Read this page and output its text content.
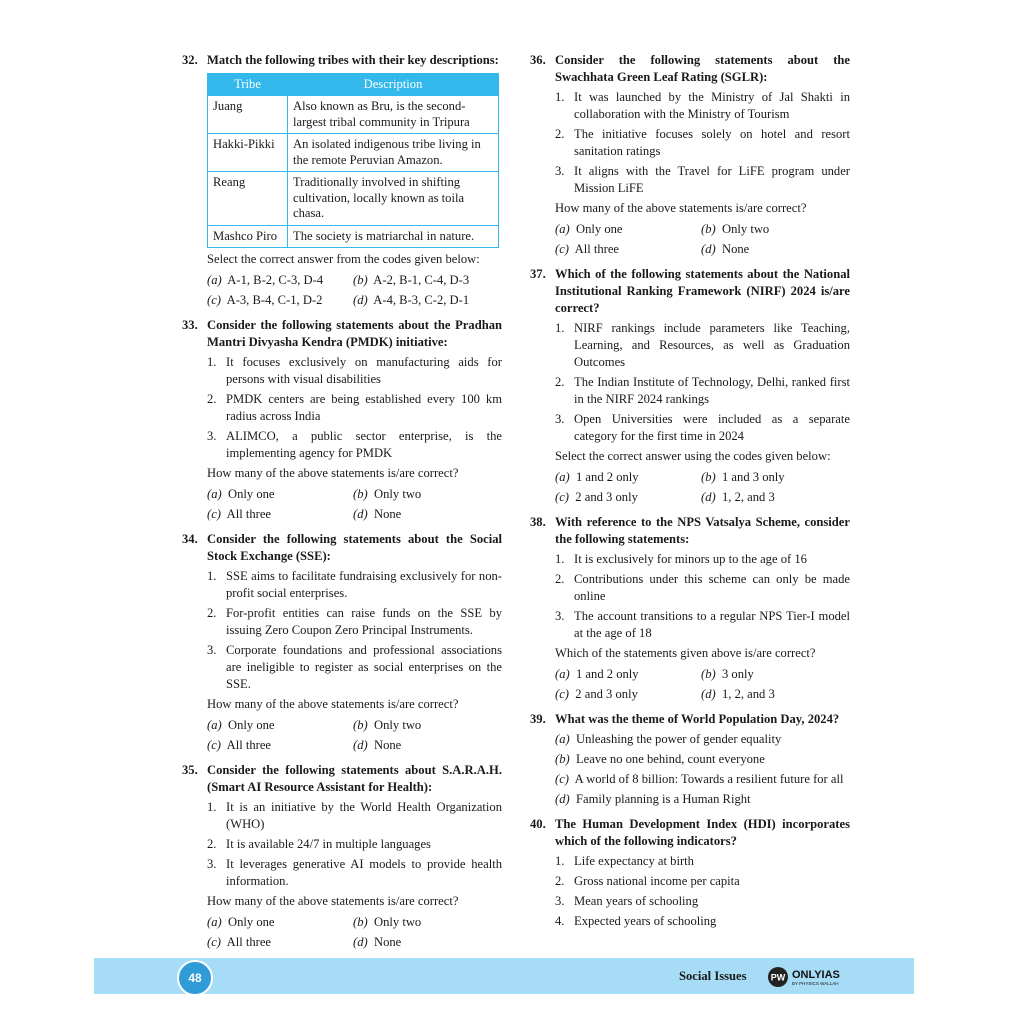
32. Match the following tribes with their key descriptions:
Tribe	Description
Juang	Also known as Bru, is the second-largest tribal community in Tripura
Hakki-Pikki	An isolated indigenous tribe living in the remote Peruvian Amazon.
Reang	Traditionally involved in shifting cultivation, locally known as toila chasa.
Mashco Piro	The society is matriarchal in nature.
Select the correct answer from the codes given below:
(a) A-1, B-2, C-3, D-4	(b) A-2, B-1, C-4, D-3
(c) A-3, B-4, C-1, D-2	(d) A-4, B-3, C-2, D-1
33. Consider the following statements about the Pradhan Mantri Divyasha Kendra (PMDK) initiative:
1. It focuses exclusively on manufacturing aids for persons with visual disabilities
2. PMDK centers are being established every 100 km radius across India
3. ALIMCO, a public sector enterprise, is the implementing agency for PMDK
How many of the above statements is/are correct?
(a) Only one	(b) Only two
(c) All three	(d) None
34. Consider the following statements about the Social Stock Exchange (SSE):
1. SSE aims to facilitate fundraising exclusively for non-profit social enterprises.
2. For-profit entities can raise funds on the SSE by issuing Zero Coupon Zero Principal Instruments.
3. Corporate foundations and professional associations are ineligible to register as social enterprises on the SSE.
How many of the above statements is/are correct?
(a) Only one	(b) Only two
(c) All three	(d) None
35. Consider the following statements about S.A.R.A.H. (Smart AI Resource Assistant for Health):
1. It is an initiative by the World Health Organization (WHO)
2. It is available 24/7 in multiple languages
3. It leverages generative AI models to provide health information.
How many of the above statements is/are correct?
(a) Only one	(b) Only two
(c) All three	(d) None
36. Consider the following statements about the Swachhata Green Leaf Rating (SGLR):
1. It was launched by the Ministry of Jal Shakti in collaboration with the Ministry of Tourism
2. The initiative focuses solely on hotel and resort sanitation ratings
3. It aligns with the Travel for LiFE program under Mission LiFE
How many of the above statements is/are correct?
(a) Only one	(b) Only two
(c) All three	(d) None
37. Which of the following statements about the National Institutional Ranking Framework (NIRF) 2024 is/are correct?
1. NIRF rankings include parameters like Teaching, Learning, and Resources, as well as Graduation Outcomes
2. The Indian Institute of Technology, Delhi, ranked first in the NIRF 2024 rankings
3. Open Universities were included as a separate category for the first time in 2024
Select the correct answer using the codes given below:
(a) 1 and 2 only	(b) 1 and 3 only
(c) 2 and 3 only	(d) 1, 2, and 3
38. With reference to the NPS Vatsalya Scheme, consider the following statements:
1. It is exclusively for minors up to the age of 16
2. Contributions under this scheme can only be made online
3. The account transitions to a regular NPS Tier-I model at the age of 18
Which of the statements given above is/are correct?
(a) 1 and 2 only	(b) 3 only
(c) 2 and 3 only	(d) 1, 2, and 3
39. What was the theme of World Population Day, 2024?
(a) Unleashing the power of gender equality
(b) Leave no one behind, count everyone
(c) A world of 8 billion: Towards a resilient future for all
(d) Family planning is a Human Right
40. The Human Development Index (HDI) incorporates which of the following indicators?
1. Life expectancy at birth
2. Gross national income per capita
3. Mean years of schooling
4. Expected years of schooling
48	Social Issues	PW ONLYIAS
BY PHYSICS WALLAH
